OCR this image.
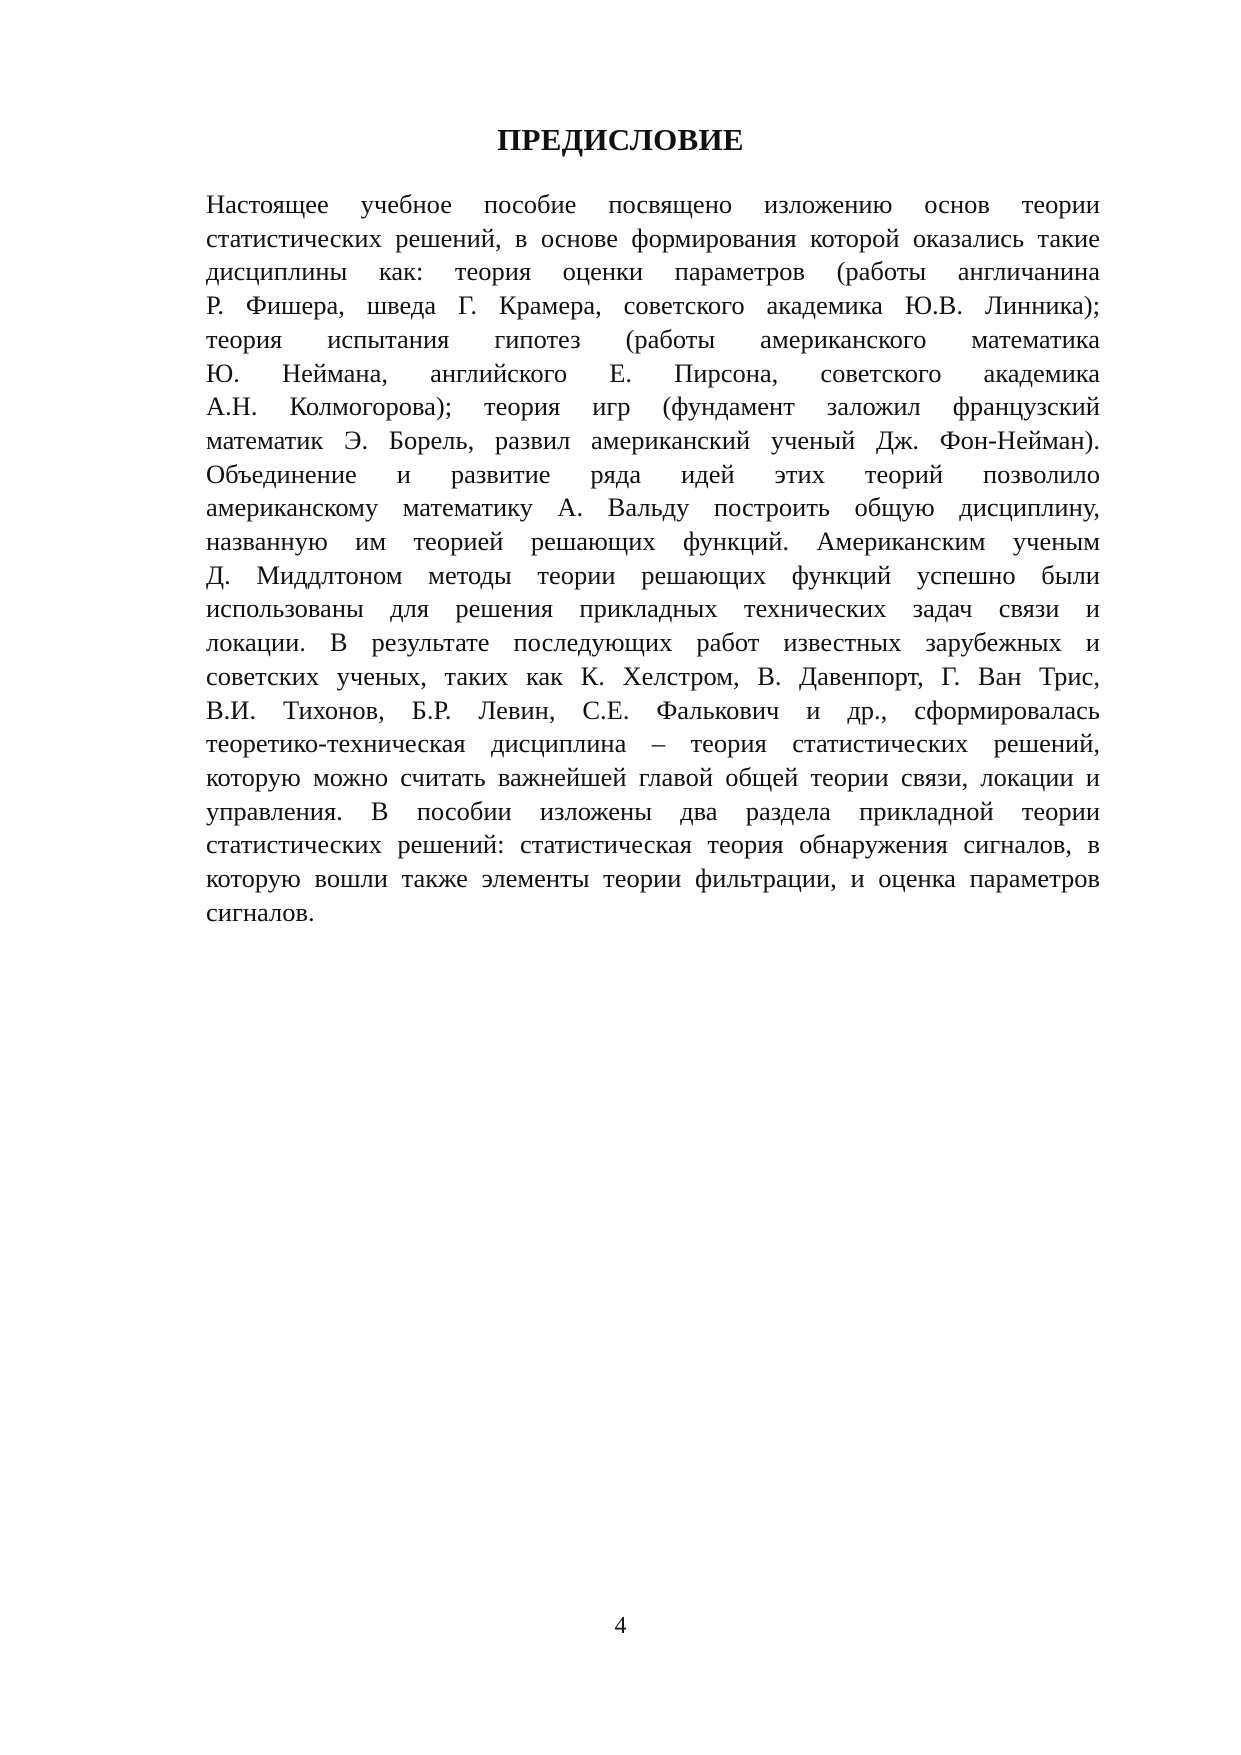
ПРЕДИСЛОВИЕ

Настоящее учебное пособие посвящено изложению основ теории
статистических решений, в основе формирования которой оказались такие
дисциплины как: теория оценки параметров (работы англичанина
Р. Фишера, шведа Г. Крамера, советского академика Ю.В. Линника);
теория испытания гипотез (работы американского математика
Ю. Неймана, английского Е. Пирсона, советского академика
А.Н. Колмогорова); теория игр (фундамент заложил французский
математик Э. Борель, развил американский ученый Дж. Фон-Нейман).

Объединение и развитие ряда идей этих теорий позволило
американскому математику А. Вальду построить общую дисциплину,
названную им теорией решающих функций. Американским ученым
Д. Миддлтоном методы теории решающих функций успешно были
использованы для решения прикладных технических задач связи и
локации. В результате последующих работ известных зарубежных и
советских ученых, таких как К. Хелстром, В. Давенпорт, Г. Ван Трис,
В.И. Тихонов, Б.Р. Левин, С.Е. Фалькович и др., сформировалась
теоретико-техническая дисциплина – теория статистических решений,
которую можно считать важнейшей главой общей теории связи, локации и
управления. В пособии изложены два раздела прикладной теории
статистических решений: статистическая теория обнаружения сигналов, в
которую вошли также элементы теории фильтрации, и оценка параметров
сигналов.

4
